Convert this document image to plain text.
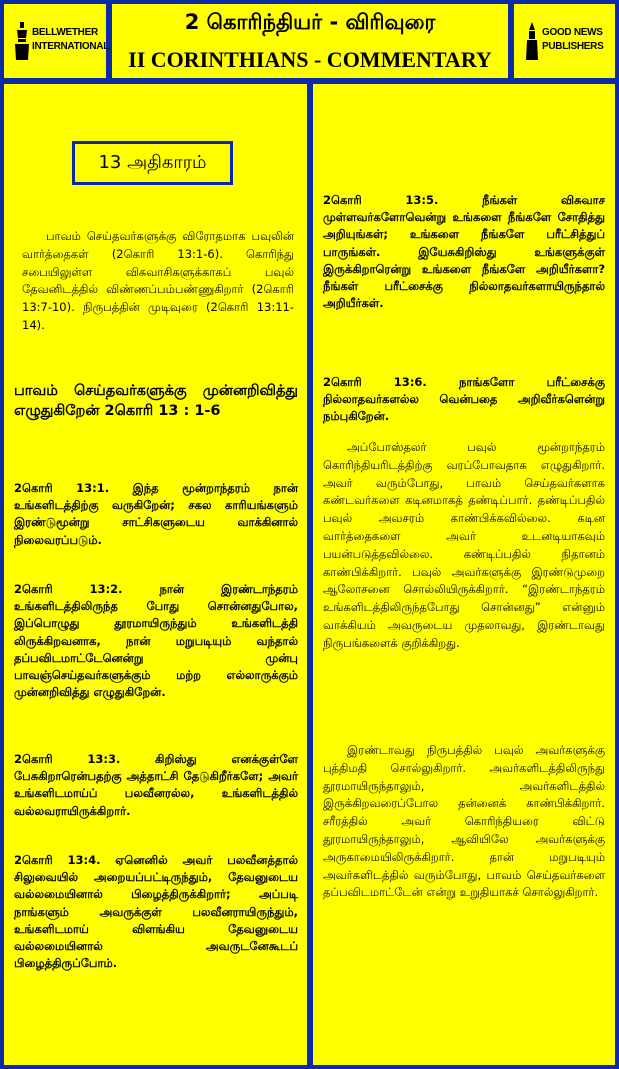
BELLWETHER
INTERNATIONAL
2 கொரிந்தியர் - விரிவுரை
II CORINTHIANS - COMMENTARY
GOOD NEWS
PUBLISHERS
13 அதிகாரம்
பாவம் செய்தவர்களுக்கு விரோதமாக பவுலின் வார்த்தைகள் (2கொரி 13:1-6). கொரிந்து சபையிலுள்ள விசுவாசிகளுக்காகப் பவுல் தேவனிடத்தில் விண்ணப்பம்பண்ணுகிறார் (2கொரி 13:7-10). நிருபத்தின் முடிவுரை (2கொரி 13:11-14).
பாவம் செய்தவர்களுக்கு முன்னறிவித்து எழுதுகிறேன் 2கொரி 13 : 1-6
2கொரி 13:1. இந்த மூன்றாந்தரம் நான் உங்களிடத்திற்கு வருகிறேன்; சகல காரியங்களும் இரண்டுமூன்று சாட்சிகளுடைய வாக்கினால் நிலைவரப்படும்.
2கொரி 13:2. நான் இரண்டாந்தரம் உங்களிடத்திலிருந்த போது சொன்னதுபோல, இப்பொழுது தூரமாயிருந்தும் உங்களிடத்தி லிருக்கிறவனாக, நான் மறுபடியும் வந்தால் தப்பவிடமாட்டேனென்று முன்பு பாவஞ்செய்தவர்களுக்கும் மற்ற எல்லாருக்கும் முன்னறிவித்து எழுதுகிறேன்.
2கொரி 13:3. கிறிஸ்து எனக்குள்ளே பேசுகிறாரென்பதற்கு அத்தாட்சி தேடுகிறீர்களே; அவர் உங்களிடமாய்ப் பலவீனரல்ல, உங்களிடத்தில் வல்லவராயிருக்கிறார்.
2கொரி 13:4. ஏனெனில் அவர் பலவீனத்தால் சிலுவையில் அறையப்பட்டிருந்தும், தேவனுடைய வல்லமையினால் பிழைத்திருக்கிறார்; அப்படி நாங்களும் அவருக்குள் பலவீனராயிருந்தும், உங்களிடமாய் விளங்கிய தேவனுடைய வல்லமையினால் அவருடனேகூடப் பிழைத்திருப்போம்.
2கொரி 13:5. நீங்கள் விசுவாச முள்ளவர்களோவென்று உங்களை நீங்களே சோதித்து அறியுங்கள்; உங்களை நீங்களே பரீட்சித்துப் பாருங்கள். இயேசுகிறிஸ்து உங்களுக்குள் இருக்கிறாரென்று உங்களை நீங்களே அறியீர்களா? நீங்கள் பரீட்சைக்கு நில்லாதவர்களாயிருந்தால் அறியீர்கள்.
2கொரி 13:6. நாங்களோ பரீட்சைக்கு நில்லாதவர்களல்ல வென்பதை அறிவீர்களென்று நம்புகிறேன்.
அப்போஸ்தலர் பவுல் மூன்றாந்தரம் கொரிந்தியரிடத்திற்கு வரப்போவதாக எழுதுகிறார். அவர் வரும்போது, பாவம் செய்தவர்களாக கண்டவர்களை கடினமாகத் தண்டிப்பார். தண்டிப்பதில் பவுல் அவசரம் காண்பிக்கவில்லை. கடின வார்த்தைகளை அவர் உடனடியாகவும் பயன்படுத்தவில்லை. கண்டிப்பதில் நிதானம் காண்பிக்கிறார். பவுல் அவர்களுக்கு இரண்டுமுறை ஆலோசனை சொல்லியிருக்கிறார். “இரண்டாந்தரம் உங்களிடத்திலிருந்தபோது சொன்னது” என்னும் வாக்கியம் அவருடைய முதலாவது, இரண்டாவது நிருபங்களைக் குறிக்கிறது.
இரண்டாவது நிருபத்தில் பவுல் அவர்களுக்கு புத்திமதி சொல்லுகிறார். அவர்களிடத்திலிருந்து தூரமாயிருந்தாலும், அவர்களிடத்தில் இருக்கிறவரைப்போல தன்னைக் காண்பிக்கிறார். சரீரத்தில் அவர் கொரிந்தியரை விட்டு தூரமாயிருந்தாலும், ஆவியிலே அவர்களுக்கு அருகாமையிலிருக்கிறார். தான் மறுபடியும் அவர்களிடத்தில் வரும்போது, பாவம் செய்தவர்களை தப்பவிடமாட்டேன் என்று உறுதியாகச் சொல்லுகிறார்.
